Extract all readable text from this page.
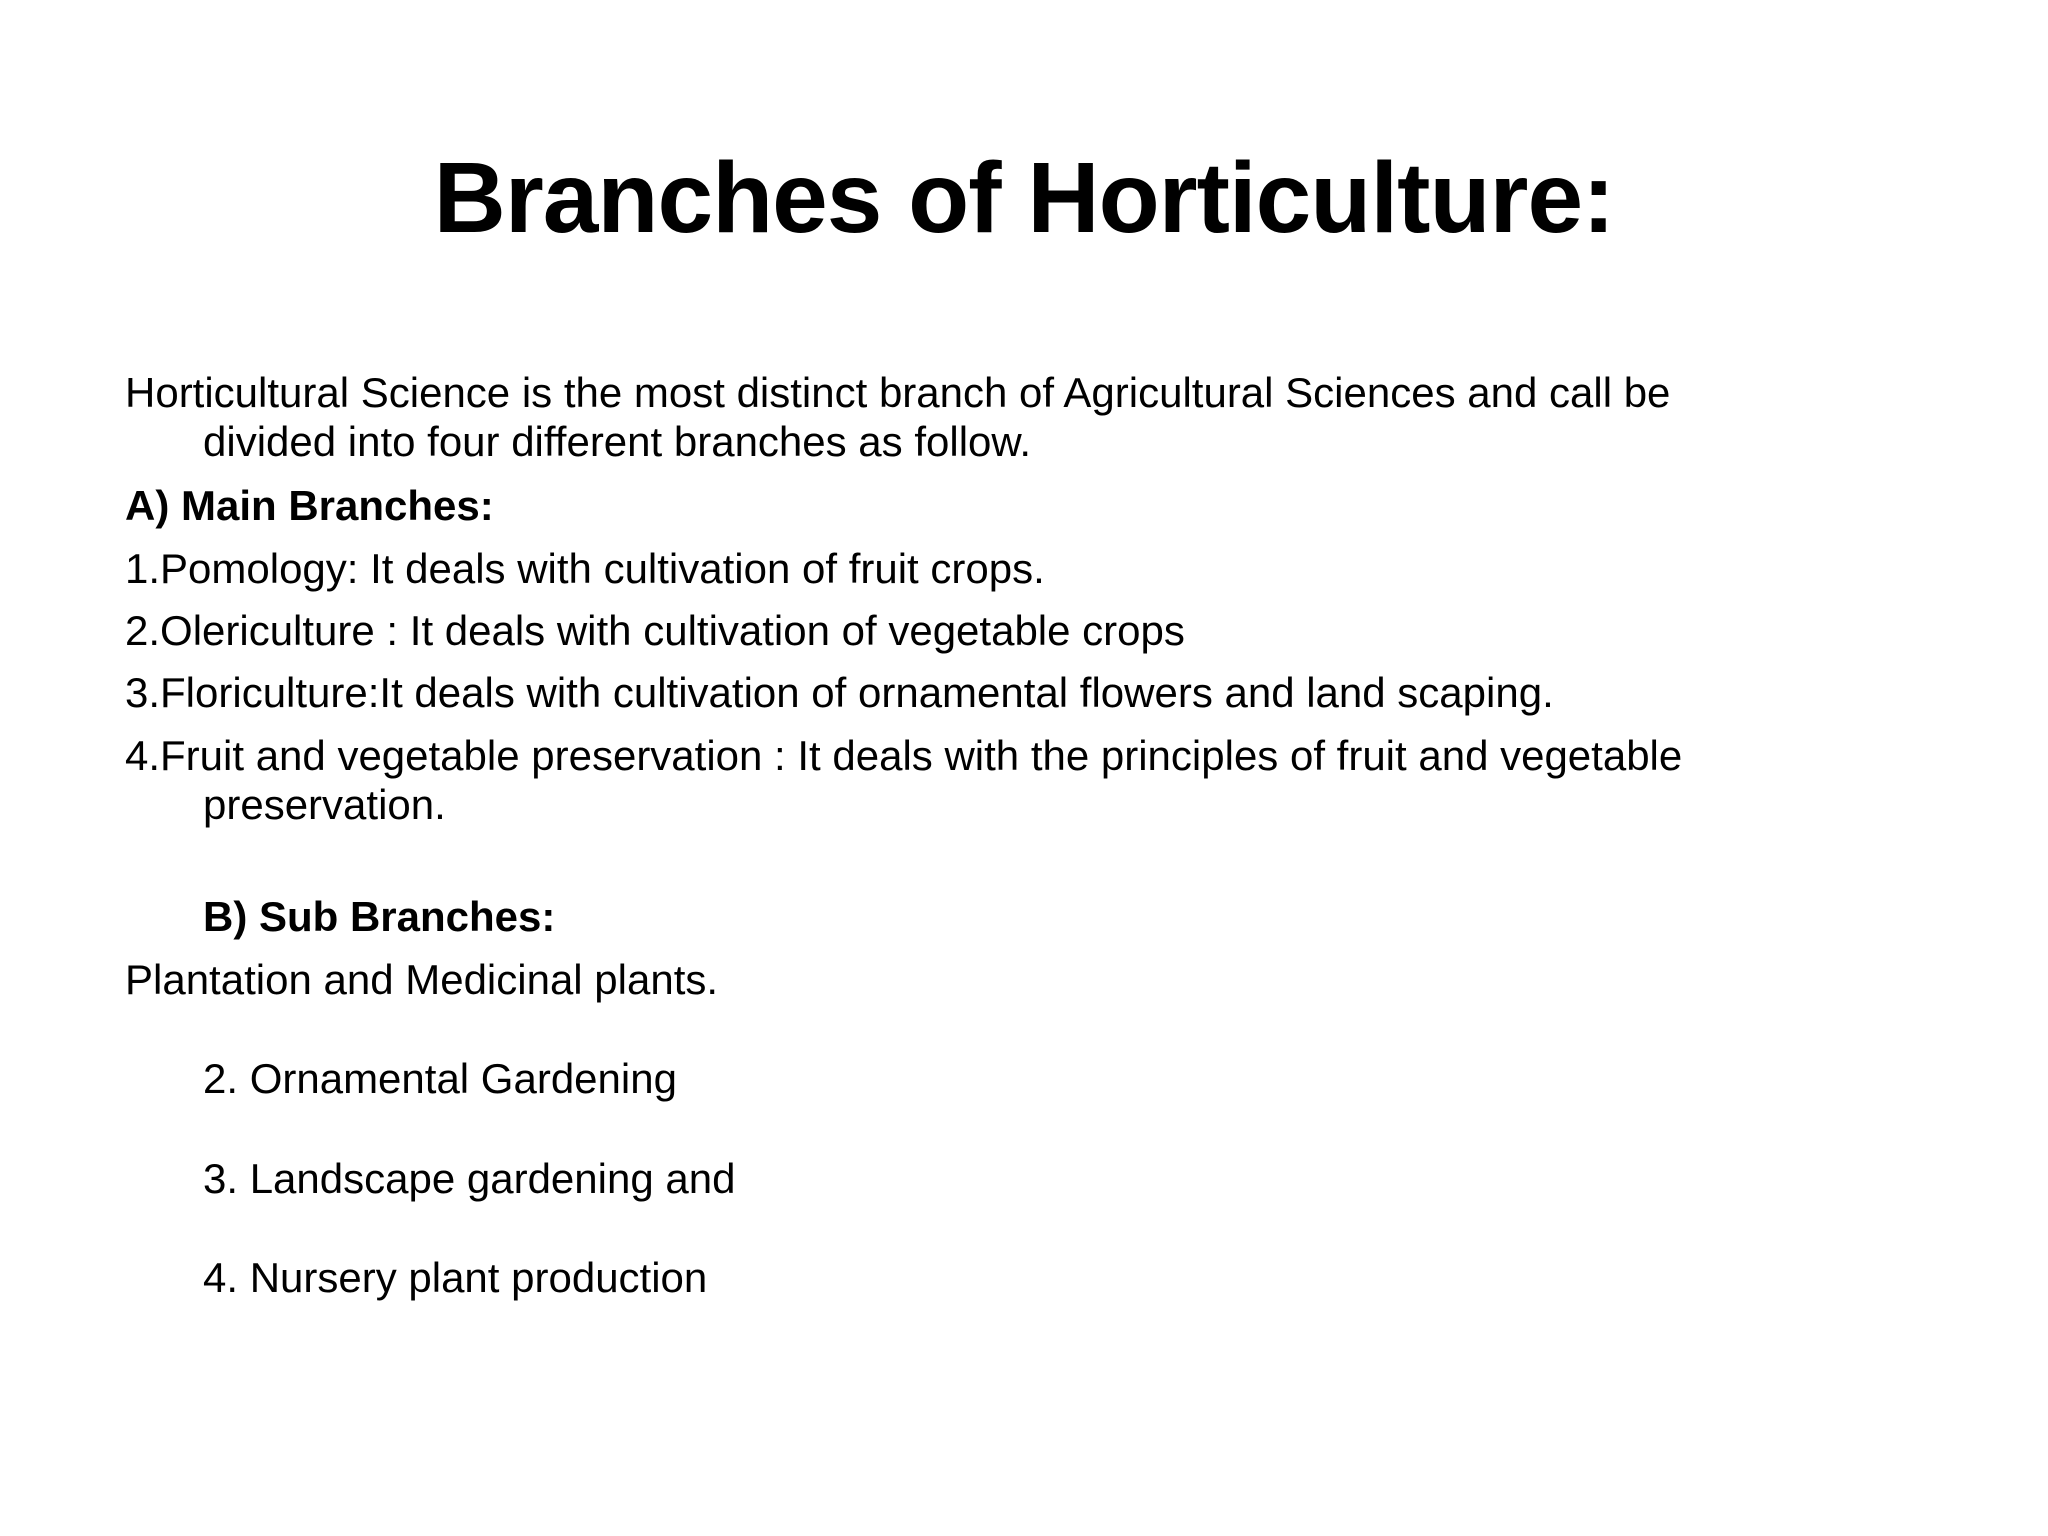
Branches of Horticulture:
Horticultural Science is the most distinct branch of Agricultural Sciences and call be
divided into four different branches as follow.
A) Main Branches:
1.Pomology: It deals with cultivation of fruit crops.
2.Olericulture : It deals with cultivation of vegetable crops
3.Floriculture:It deals with cultivation of ornamental flowers and land scaping.
4.Fruit and vegetable preservation : It deals with the principles of fruit and vegetable
preservation.
B) Sub Branches:
Plantation and Medicinal plants.
2. Ornamental Gardening
3. Landscape gardening and
4. Nursery plant production
